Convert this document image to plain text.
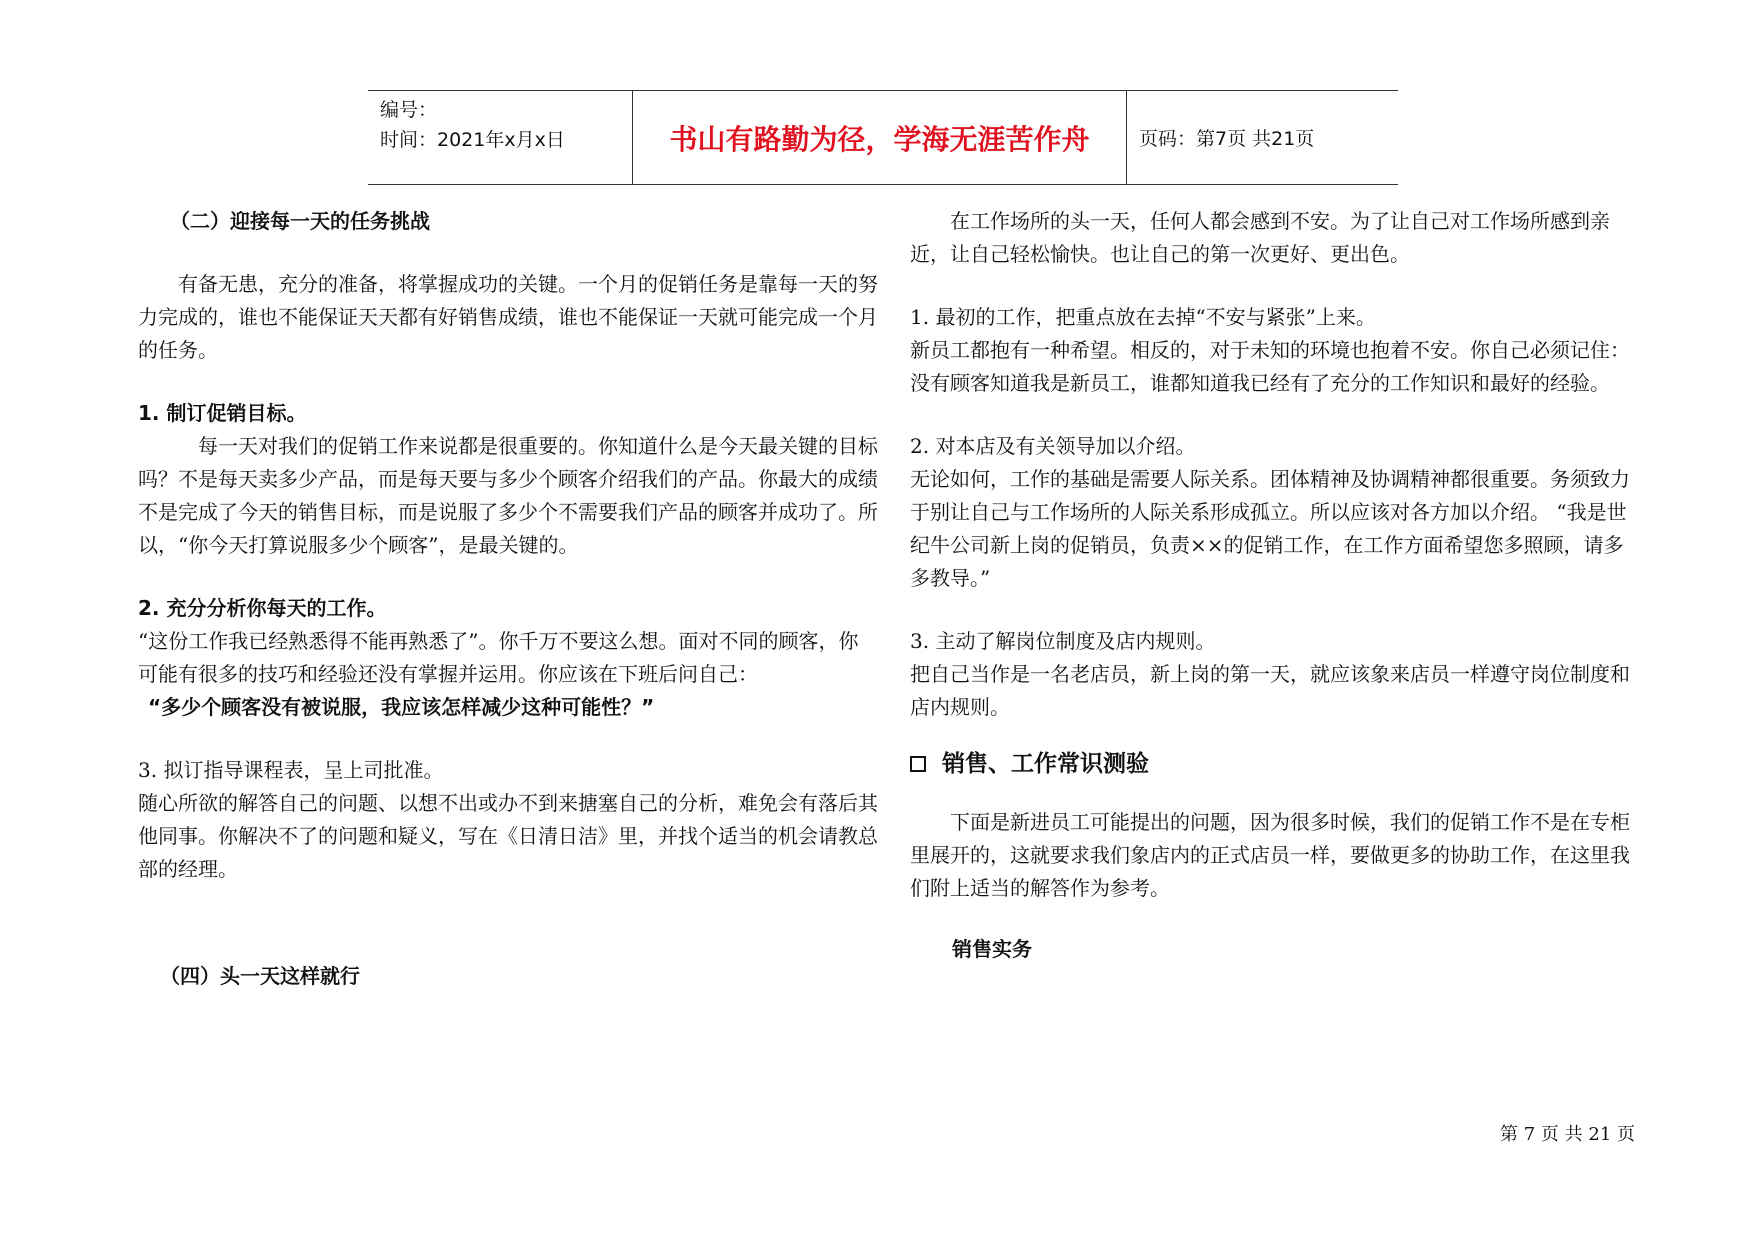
编号：
时间：2021年x月x日	书山有路勤为径，学海无涯苦作舟	页码：第7页 共21页

（二）迎接每一天的任务挑战

有备无患，充分的准备，将掌握成功的关键。一个月的促销任务是靠每一天的努力完成的，谁也不能保证天天都有好销售成绩，谁也不能保证一天就可能完成一个月的任务。

1. 制订促销目标。

每一天对我们的促销工作来说都是很重要的。你知道什么是今天最关键的目标吗？不是每天卖多少产品，而是每天要与多少个顾客介绍我们的产品。你最大的成绩不是完成了今天的销售目标，而是说服了多少个不需要我们产品的顾客并成功了。所以，“你今天打算说服多少个顾客”，是最关键的。

2. 充分分析你每天的工作。

“这份工作我已经熟悉得不能再熟悉了”。你千万不要这么想。面对不同的顾客，你可能有很多的技巧和经验还没有掌握并运用。你应该在下班后问自己：

“多少个顾客没有被说服，我应该怎样减少这种可能性？”

3. 拟订指导课程表，呈上司批准。

随心所欲的解答自己的问题、以想不出或办不到来搪塞自己的分析，难免会有落后其他同事。你解决不了的问题和疑义，写在《日清日洁》里，并找个适当的机会请教总部的经理。

（四）头一天这样就行

在工作场所的头一天，任何人都会感到不安。为了让自己对工作场所感到亲近，让自己轻松愉快。也让自己的第一次更好、更出色。

1. 最初的工作，把重点放在去掉“不安与紧张”上来。

新员工都抱有一种希望。相反的，对于未知的环境也抱着不安。你自己必须记住：没有顾客知道我是新员工，谁都知道我已经有了充分的工作知识和最好的经验。

2. 对本店及有关领导加以介绍。

无论如何，工作的基础是需要人际关系。团体精神及协调精神都很重要。务须致力于别让自己与工作场所的人际关系形成孤立。所以应该对各方加以介绍。 “我是世纪牛公司新上岗的促销员，负责××的促销工作，在工作方面希望您多照顾，请多多教导。”

3. 主动了解岗位制度及店内规则。

把自己当作是一名老店员，新上岗的第一天，就应该象来店员一样遵守岗位制度和店内规则。

销售、工作常识测验

下面是新进员工可能提出的问题，因为很多时候，我们的促销工作不是在专柜里展开的，这就要求我们象店内的正式店员一样，要做更多的协助工作，在这里我们附上适当的解答作为参考。

销售实务

第 7 页 共 21 页
